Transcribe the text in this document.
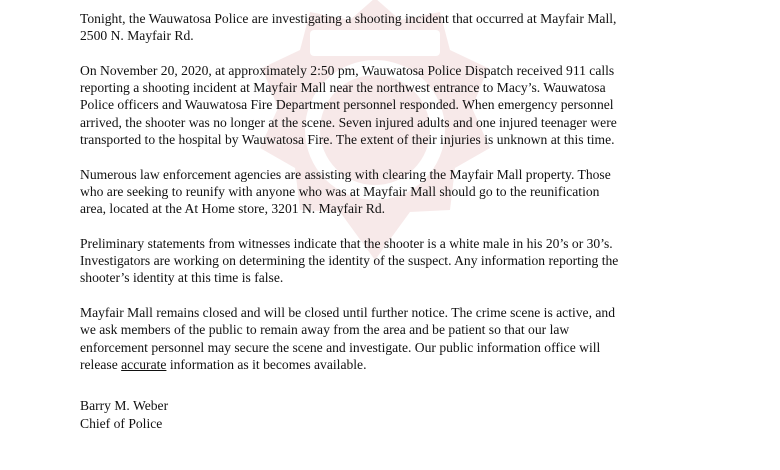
Tonight, the Wauwatosa Police are investigating a shooting incident that occurred at Mayfair Mall,
2500 N. Mayfair Rd.

On November 20, 2020, at approximately 2:50 pm, Wauwatosa Police Dispatch received 911 calls
reporting a shooting incident at Mayfair Mall near the northwest entrance to Macy’s. Wauwatosa
Police officers and Wauwatosa Fire Department personnel responded. When emergency personnel
arrived, the shooter was no longer at the scene. Seven injured adults and one injured teenager were
transported to the hospital by Wauwatosa Fire. The extent of their injuries is unknown at this time.

Numerous law enforcement agencies are assisting with clearing the Mayfair Mall property. Those
who are seeking to reunify with anyone who was at Mayfair Mall should go to the reunification
area, located at the At Home store, 3201 N. Mayfair Rd.

Preliminary statements from witnesses indicate that the shooter is a white male in his 20’s or 30’s.
Investigators are working on determining the identity of the suspect. Any information reporting the
shooter’s identity at this time is false.

Mayfair Mall remains closed and will be closed until further notice. The crime scene is active, and
we ask members of the public to remain away from the area and be patient so that our law
enforcement personnel may secure the scene and investigate. Our public information office will
release accurate information as it becomes available.

Barry M. Weber

Chief of Police
